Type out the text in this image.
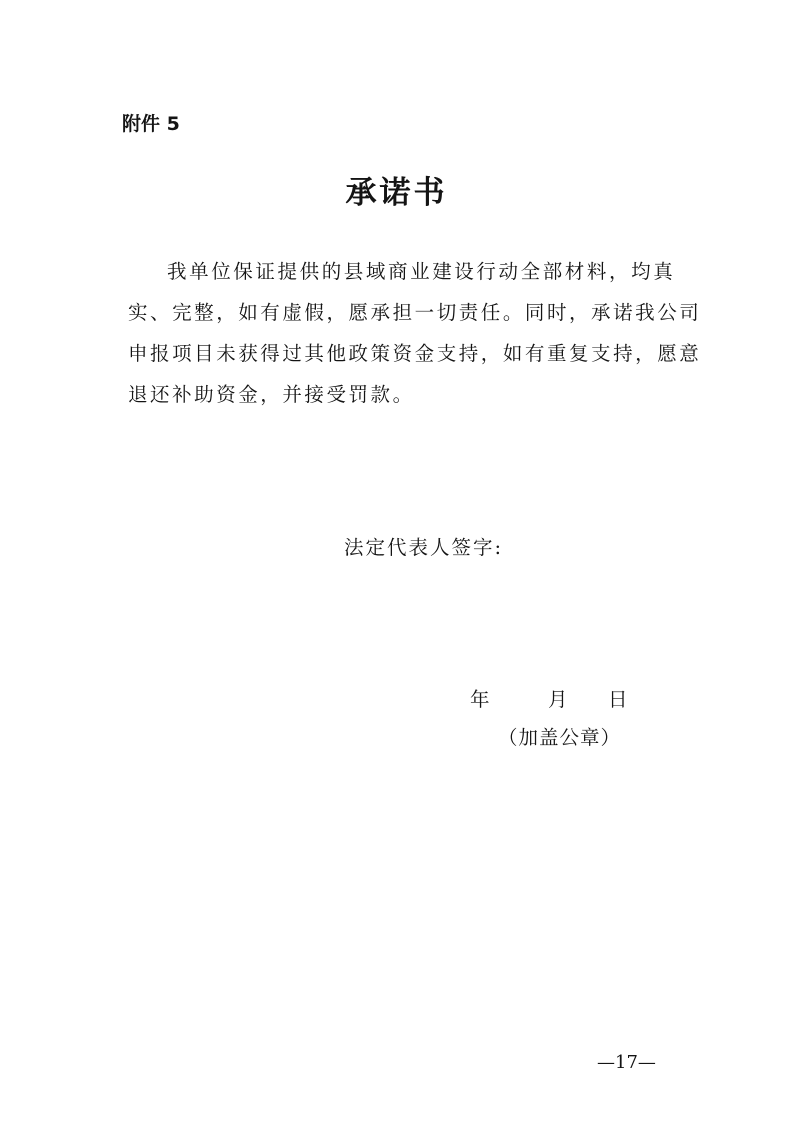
附件 5
承诺书
我单位保证提供的县域商业建设行动全部材料，均真
实、完整，如有虚假，愿承担一切责任。同时，承诺我公司
申报项目未获得过其他政策资金支持，如有重复支持，愿意
退还补助资金，并接受罚款。
法定代表人签字:
年	月 日
（加盖公章）
—17—
